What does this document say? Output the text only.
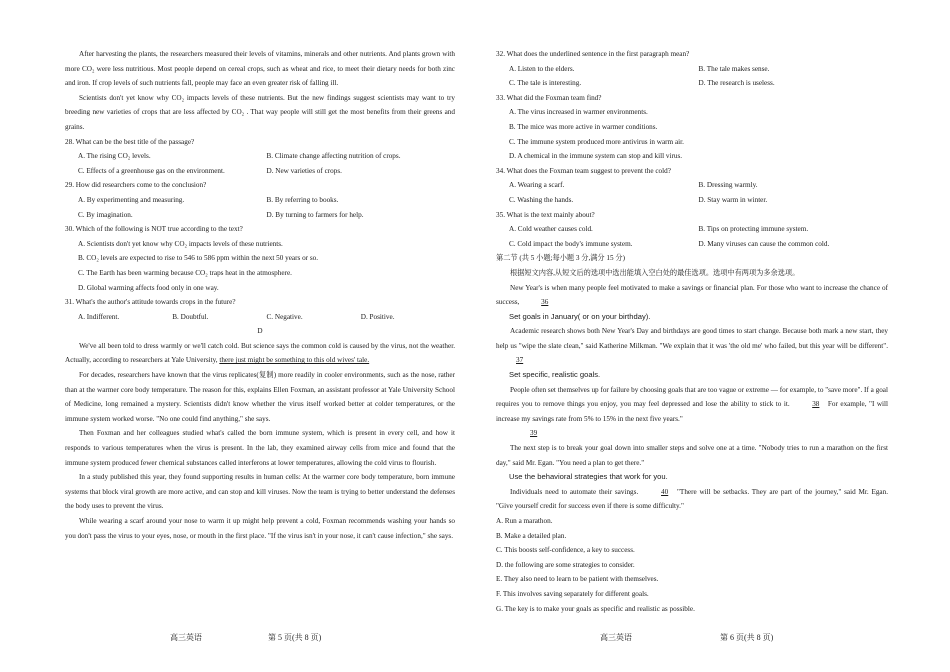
After harvesting the plants, the researchers measured their levels of vitamins, minerals and other nutrients. And plants grown with more CO₂ were less nutritious. Most people depend on cereal crops, such as wheat and rice, to meet their dietary needs for both zinc and iron. If crop levels of such nutrients fall, people may face an even greater risk of falling ill.

Scientists don't yet know why CO₂ impacts levels of these nutrients. But the new findings suggest scientists may want to try breeding new varieties of crops that are less affected by CO₂ . That way people will still get the most benefits from their greens and grains.

28. What can be the best title of the passage?

A. The rising CO₂ levels.	B. Climate change affecting nutrition of crops.
C. Effects of a greenhouse gas on the environment.	D. New varieties of crops.

29. How did researchers come to the conclusion?

A. By experimenting and measuring.	B. By referring to books.
C. By imagination.	D. By turning to farmers for help.

30. Which of the following is NOT true according to the text?

A. Scientists don't yet know why CO₂ impacts levels of these nutrients.
B. CO₂ levels are expected to rise to 546 to 586 ppm within the next 50 years or so.
C. The Earth has been warming because CO₂ traps heat in the atmosphere.
D. Global warming affects food only in one way.

31. What's the author's attitude towards crops in the future?

A. Indifferent.	B. Doubtful.	C. Negative.	D. Positive.

D

We've all been told to dress warmly or we'll catch cold. But science says the common cold is caused by the virus, not the weather. Actually, according to researchers at Yale University, there just might be something to this old wives' tale.

For decades, researchers have known that the virus replicates(复制) more readily in cooler environments, such as the nose, rather than at the warmer core body temperature. The reason for this, explains Ellen Foxman, an assistant professor at Yale University School of Medicine, long remained a mystery. Scientists didn't know whether the virus itself worked better at colder temperatures, or the immune system worked worse. "No one could find anything," she says.

Then Foxman and her colleagues studied what's called the born immune system, which is present in every cell, and how it responds to various temperatures when the virus is present. In the lab, they examined airway cells from mice and found that the immune system produced fewer chemical substances called interferons at lower temperatures, allowing the cold virus to flourish.

In a study published this year, they found supporting results in human cells: At the warmer core body temperature, born immune systems that block viral growth are more active, and can stop and kill viruses. Now the team is trying to better understand the defenses the body uses to prevent the virus.

While wearing a scarf around your nose to warm it up might help prevent a cold, Foxman recommends washing your hands so you don't pass the virus to your eyes, nose, or mouth in the first place. "If the virus isn't in your nose, it can't cause infection," she says.

高三英语	第 5 页(共 8 页)

32. What does the underlined sentence in the first paragraph mean?

A. Listen to the elders.	B. The tale makes sense.
C. The tale is interesting.	D. The research is useless.

33. What did the Foxman team find?

A. The virus increased in warmer environments.
B. The mice was more active in warmer conditions.
C. The immune system produced more antivirus in warm air.
D. A chemical in the immune system can stop and kill virus.

34. What does the Foxman team suggest to prevent the cold?

A. Wearing a scarf.	B. Dressing warmly.
C. Washing the hands.	D. Stay warm in winter.

35. What is the text mainly about?

A. Cold weather causes cold.	B. Tips on protecting immune system.
C. Cold impact the body's immune system.	D. Many viruses can cause the common cold.

第二节 (共 5 小题;每小题 3 分,满分 15 分)

根据短文内容,从短文后的选项中选出能填入空白处的最佳选项。选项中有两项为多余选项。

New Year's is when many people feel motivated to make a savings or financial plan. For those who want to increase the chance of success,	36

Set goals in January( or on your birthday).

Academic research shows both New Year's Day and birthdays are good times to start change. Because both mark a new start, they help us "wipe the slate clean," said Katherine Milkman. "We explain that it was 'the old me' who failed, but this year will be different". 37

Set specific, realistic goals.

People often set themselves up for failure by choosing goals that are too vague or extreme — for example, to "save more". If a goal requires you to remove things you enjoy, you may feel depressed and lose the ability to stick to it.	38 For example, "I will increase my savings rate from 5% to 15% in the next five years."

39

The next step is to break your goal down into smaller steps and solve one at a time. "Nobody tries to run a marathon on the first day," said Mr. Egan. "You need a plan to get there."

Use the behavioral strategies that work for you.

Individuals need to automate their savings.	40 "There will be setbacks. They are part of the journey," said Mr. Egan. "Give yourself credit for success even if there is some difficulty."

A. Run a marathon.

B. Make a detailed plan.

C. This boosts self-confidence, a key to success.

D. the following are some strategies to consider.

E. They also need to learn to be patient with themselves.

F. This involves saving separately for different goals.

G. The key is to make your goals as specific and realistic as possible.

高三英语	第 6 页(共 8 页)
